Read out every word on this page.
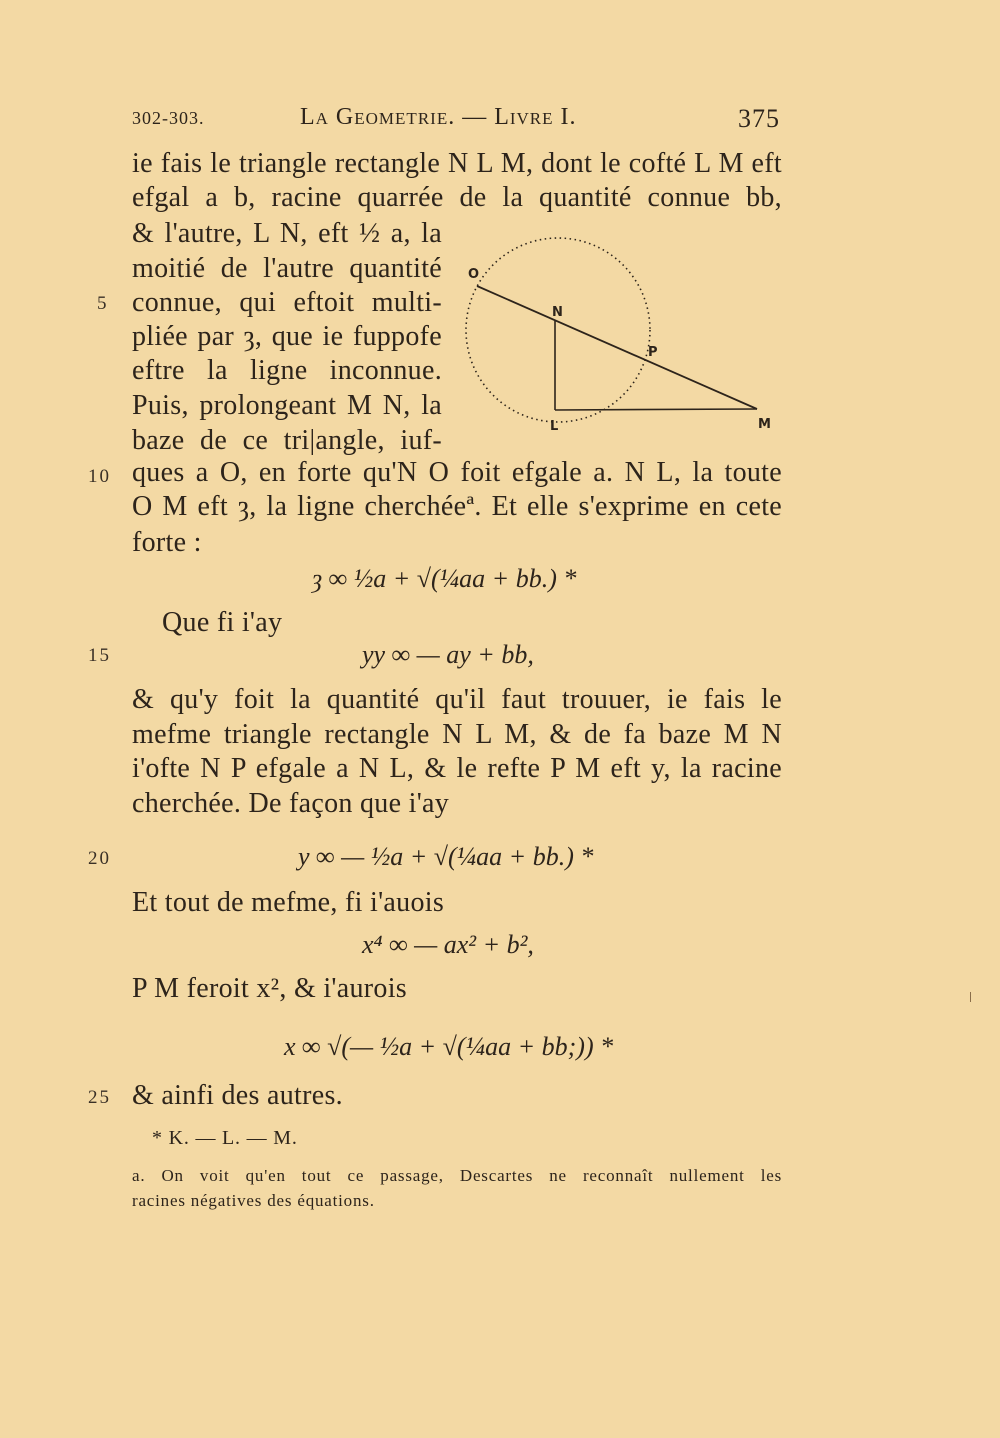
302-303.	La Geometrie. — Livre I.	375
ie fais le triangle rectangle N L M, dont le cofté L M eft
efgal a b, racine quarrée de la quantité connue bb,
& l'autre, L N, eft ½ a, la
moitié de l'autre quantité
connue, qui eftoit multi-
pliée par ȝ, que ie fuppofe
eftre la ligne inconnue.
Puis, prolongeant M N, la
baze de ce tri|angle, iuf-
ques a O, en forte qu'N O foit efgale a. N L, la toute
O M eft ȝ, la ligne cherchéeª. Et elle s'exprime en cete
forte :
O
N
P
L	M
ȝ ∞ ½a + √(¼aa + bb.) *
Que fi i'ay
yy ∞ — ay + bb,
& qu'y foit la quantité qu'il faut trouuer, ie fais le
mefme triangle rectangle N L M, & de fa baze M N
i'ofte N P efgale a N L, & le refte P M eft y, la racine
cherchée. De façon que i'ay
y ∞ — ½a + √(¼aa + bb.) *
Et tout de mefme, fi i'auois
x⁴ ∞ — ax² + b²,
P M feroit x², & i'aurois
x ∞ √(— ½a + √(¼aa + bb;)) *
& ainfi des autres.
5
10
15
20
25
* K. — L. — M.
a. On voit qu'en tout ce passage, Descartes ne reconnaît nullement les
racines négatives des équations.
